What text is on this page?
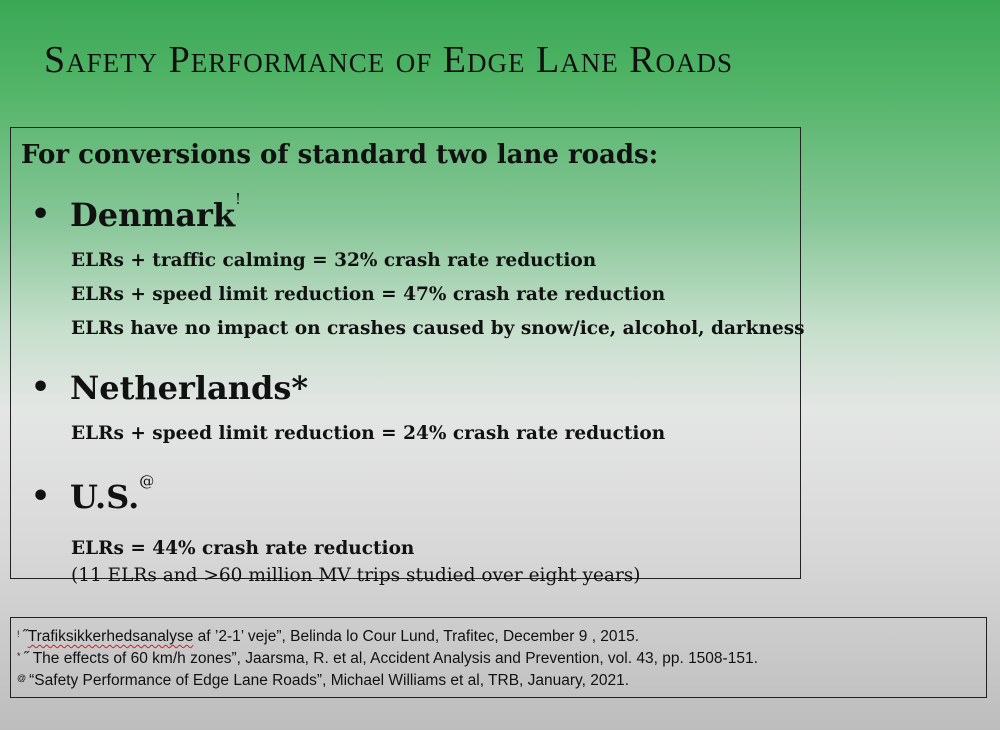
Safety Performance of Edge Lane Roads

For conversions of standard two lane roads:

• Denmark!

ELRs + traffic calming = 32% crash rate reduction

ELRs + speed limit reduction = 47% crash rate reduction

ELRs have no impact on crashes caused by snow/ice, alcohol, darkness

• Netherlands*

ELRs + speed limit reduction = 24% crash rate reduction

• U.S.@

ELRs = 44% crash rate reduction

(11 ELRs and >60 million MV trips studied over eight years)

! ˝Trafiksikkerhedsanalyse af ’2-1’ veje”, Belinda lo Cour Lund, Trafitec, December 9 , 2015.

* ˝ The effects of 60 km/h zones”, Jaarsma, R. et al, Accident Analysis and Prevention, vol. 43, pp. 1508-151.

@ “Safety Performance of Edge Lane Roads”, Michael Williams et al, TRB, January, 2021.
